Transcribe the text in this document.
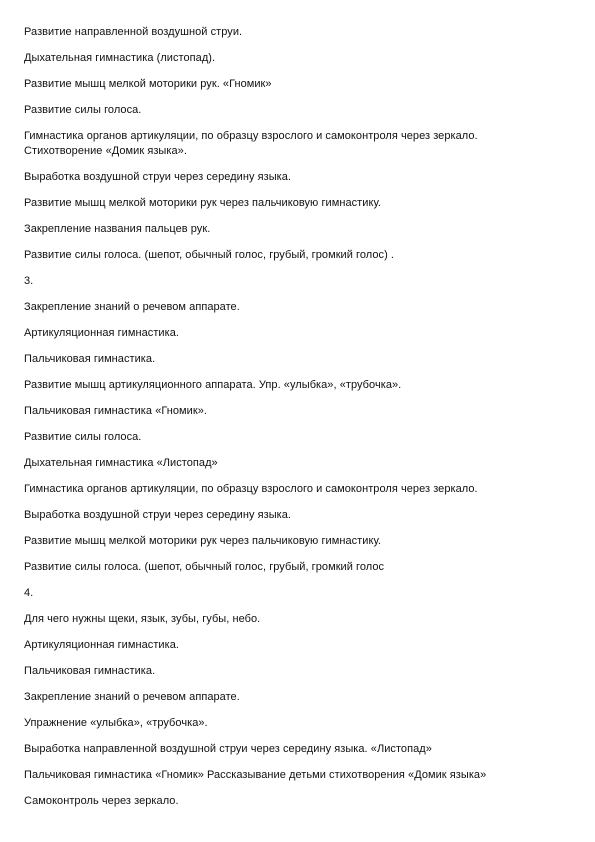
Развитие направленной воздушной струи.

Дыхательная гимнастика (листопад).

Развитие мышц мелкой моторики рук. «Гномик»

Развитие силы голоса.

Гимнастика органов артикуляции, по образцу взрослого и самоконтроля через зеркало.

Стихотворение «Домик языка».

Выработка воздушной струи через середину языка.

Развитие мышц мелкой моторики рук через пальчиковую гимнастику.

Закрепление названия пальцев рук.

Развитие силы голоса. (шепот, обычный голос, грубый, громкий голос) .

3.

Закрепление знаний о речевом аппарате.

Артикуляционная гимнастика.

Пальчиковая гимнастика.

Развитие мышц артикуляционного аппарата. Упр. «улыбка», «трубочка».

Пальчиковая гимнастика «Гномик».

Развитие силы голоса.

Дыхательная гимнастика «Листопад»

Гимнастика органов артикуляции, по образцу взрослого и самоконтроля через зеркало.

Выработка воздушной струи через середину языка.

Развитие мышц мелкой моторики рук через пальчиковую гимнастику.

Развитие силы голоса. (шепот, обычный голос, грубый, громкий голос

4.

Для чего нужны щеки, язык, зубы, губы, небо.

Артикуляционная гимнастика.

Пальчиковая гимнастика.

Закрепление знаний о речевом аппарате.

Упражнение «улыбка», «трубочка».

Выработка направленной воздушной струи через середину языка. «Листопад»

Пальчиковая гимнастика «Гномик» Рассказывание детьми стихотворения «Домик языка»

Самоконтроль через зеркало.
